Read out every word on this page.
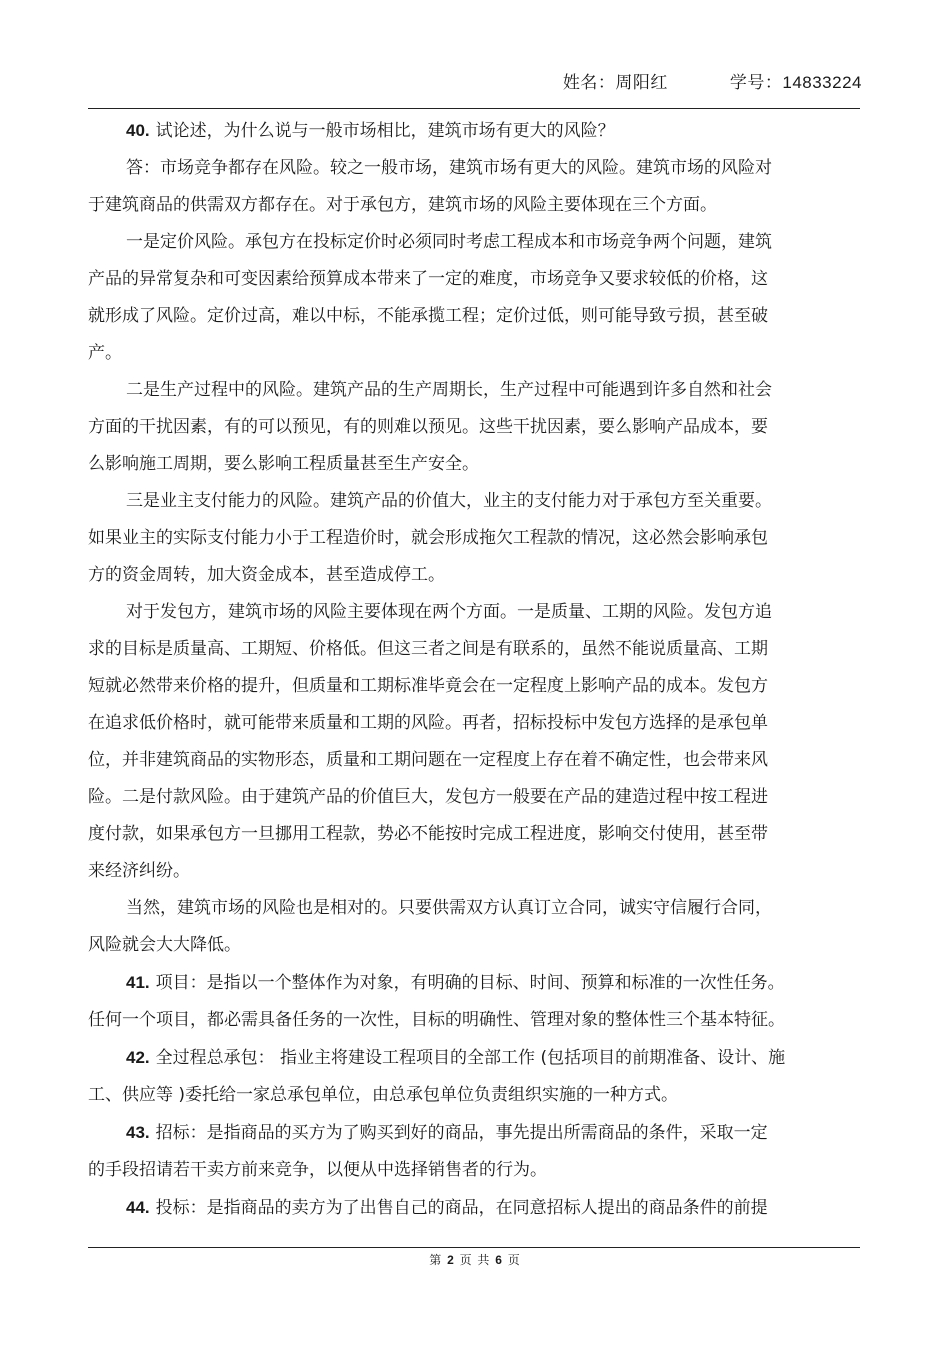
姓名：周阳红	学号：14833224

40. 试论述，为什么说与一般市场相比，建筑市场有更大的风险？

答：市场竞争都存在风险。较之一般市场，建筑市场有更大的风险。建筑市场的风险对

于建筑商品的供需双方都存在。对于承包方，建筑市场的风险主要体现在三个方面。

一是定价风险。承包方在投标定价时必须同时考虑工程成本和市场竞争两个问题，建筑

产品的异常复杂和可变因素给预算成本带来了一定的难度，市场竞争又要求较低的价格，这

就形成了风险。定价过高，难以中标，不能承揽工程；定价过低，则可能导致亏损，甚至破

产。

二是生产过程中的风险。建筑产品的生产周期长，生产过程中可能遇到许多自然和社会

方面的干扰因素，有的可以预见，有的则难以预见。这些干扰因素，要么影响产品成本，要

么影响施工周期，要么影响工程质量甚至生产安全。

三是业主支付能力的风险。建筑产品的价值大，业主的支付能力对于承包方至关重要。

如果业主的实际支付能力小于工程造价时，就会形成拖欠工程款的情况，这必然会影响承包

方的资金周转，加大资金成本，甚至造成停工。

对于发包方，建筑市场的风险主要体现在两个方面。一是质量、工期的风险。发包方追

求的目标是质量高、工期短、价格低。但这三者之间是有联系的，虽然不能说质量高、工期

短就必然带来价格的提升，但质量和工期标准毕竟会在一定程度上影响产品的成本。发包方

在追求低价格时，就可能带来质量和工期的风险。再者，招标投标中发包方选择的是承包单

位，并非建筑商品的实物形态，质量和工期问题在一定程度上存在着不确定性，也会带来风

险。二是付款风险。由于建筑产品的价值巨大，发包方一般要在产品的建造过程中按工程进

度付款，如果承包方一旦挪用工程款，势必不能按时完成工程进度，影响交付使用，甚至带

来经济纠纷。

当然，建筑市场的风险也是相对的。只要供需双方认真订立合同，诚实守信履行合同，

风险就会大大降低。

41. 项目：是指以一个整体作为对象，有明确的目标、时间、预算和标准的一次性任务。

任何一个项目，都必需具备任务的一次性，目标的明确性、管理对象的整体性三个基本特征。

42. 全过程总承包： 指业主将建设工程项目的全部工作 (包括项目的前期准备、设计、施

工、供应等 )委托给一家总承包单位，由总承包单位负责组织实施的一种方式。

43. 招标：是指商品的买方为了购买到好的商品，事先提出所需商品的条件，采取一定

的手段招请若干卖方前来竞争，以便从中选择销售者的行为。

44. 投标：是指商品的卖方为了出售自己的商品，在同意招标人提出的商品条件的前提

第 2 页 共 6 页
